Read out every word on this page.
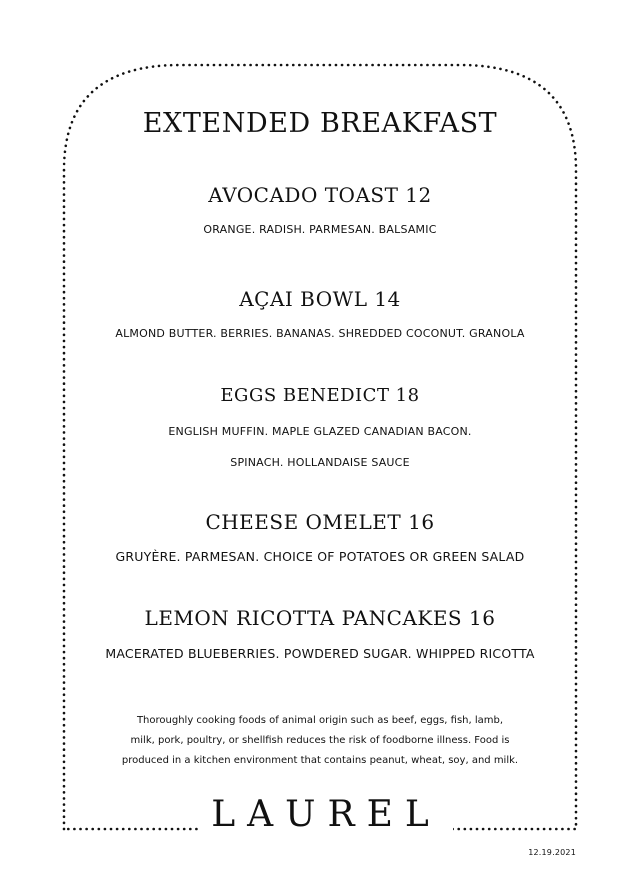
EXTENDED BREAKFAST
AVOCADO TOAST 12
ORANGE. RADISH. PARMESAN. BALSAMIC
AÇAI BOWL 14
ALMOND BUTTER. BERRIES. BANANAS. SHREDDED COCONUT. GRANOLA
EGGS BENEDICT 18
ENGLISH MUFFIN. MAPLE GLAZED CANADIAN BACON.
SPINACH. HOLLANDAISE SAUCE
CHEESE OMELET 16
GRUYÈRE. PARMESAN. CHOICE OF POTATOES OR GREEN SALAD
LEMON RICOTTA PANCAKES 16
MACERATED BLUEBERRIES. POWDERED SUGAR. WHIPPED RICOTTA
Thoroughly cooking foods of animal origin such as beef, eggs, fish, lamb,
milk, pork, poultry, or shellfish reduces the risk of foodborne illness. Food is
produced in a kitchen environment that contains peanut, wheat, soy, and milk.
LAUREL
12.19.2021
